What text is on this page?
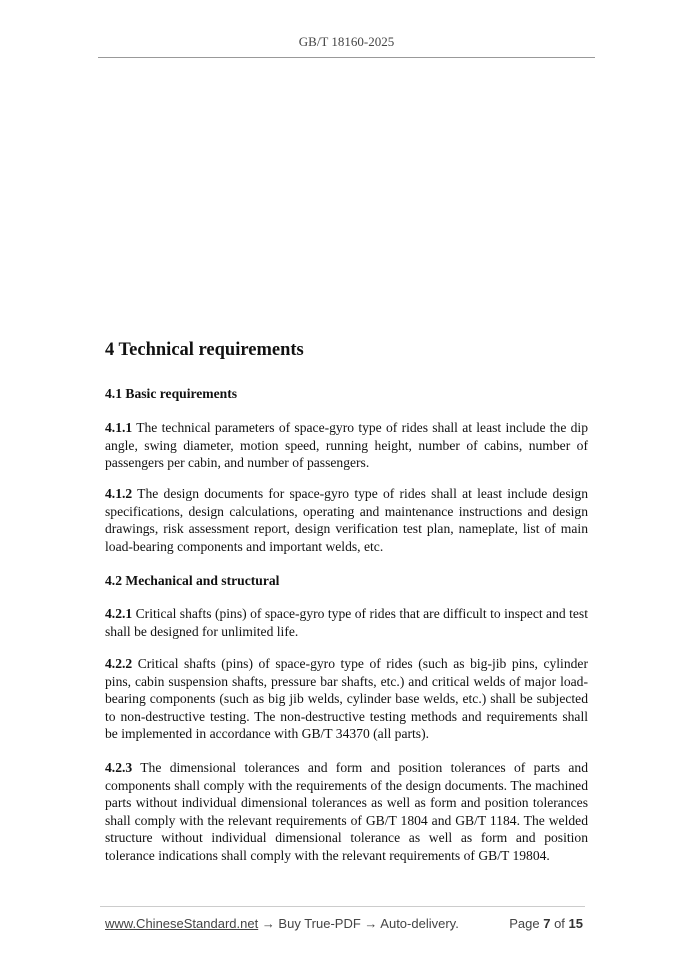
GB/T 18160-2025
4 Technical requirements
4.1 Basic requirements
4.1.1 The technical parameters of space-gyro type of rides shall at least include the dip angle, swing diameter, motion speed, running height, number of cabins, number of passengers per cabin, and number of passengers.
4.1.2 The design documents for space-gyro type of rides shall at least include design specifications, design calculations, operating and maintenance instructions and design drawings, risk assessment report, design verification test plan, nameplate, list of main load-bearing components and important welds, etc.
4.2 Mechanical and structural
4.2.1 Critical shafts (pins) of space-gyro type of rides that are difficult to inspect and test shall be designed for unlimited life.
4.2.2 Critical shafts (pins) of space-gyro type of rides (such as big-jib pins, cylinder pins, cabin suspension shafts, pressure bar shafts, etc.) and critical welds of major load-bearing components (such as big jib welds, cylinder base welds, etc.) shall be subjected to non-destructive testing. The non-destructive testing methods and requirements shall be implemented in accordance with GB/T 34370 (all parts).
4.2.3 The dimensional tolerances and form and position tolerances of parts and components shall comply with the requirements of the design documents. The machined parts without individual dimensional tolerances as well as form and position tolerances shall comply with the relevant requirements of GB/T 1804 and GB/T 1184. The welded structure without individual dimensional tolerance as well as form and position tolerance indications shall comply with the relevant requirements of GB/T 19804.
www.ChineseStandard.net → Buy True-PDF → Auto-delivery.	Page 7 of 15
